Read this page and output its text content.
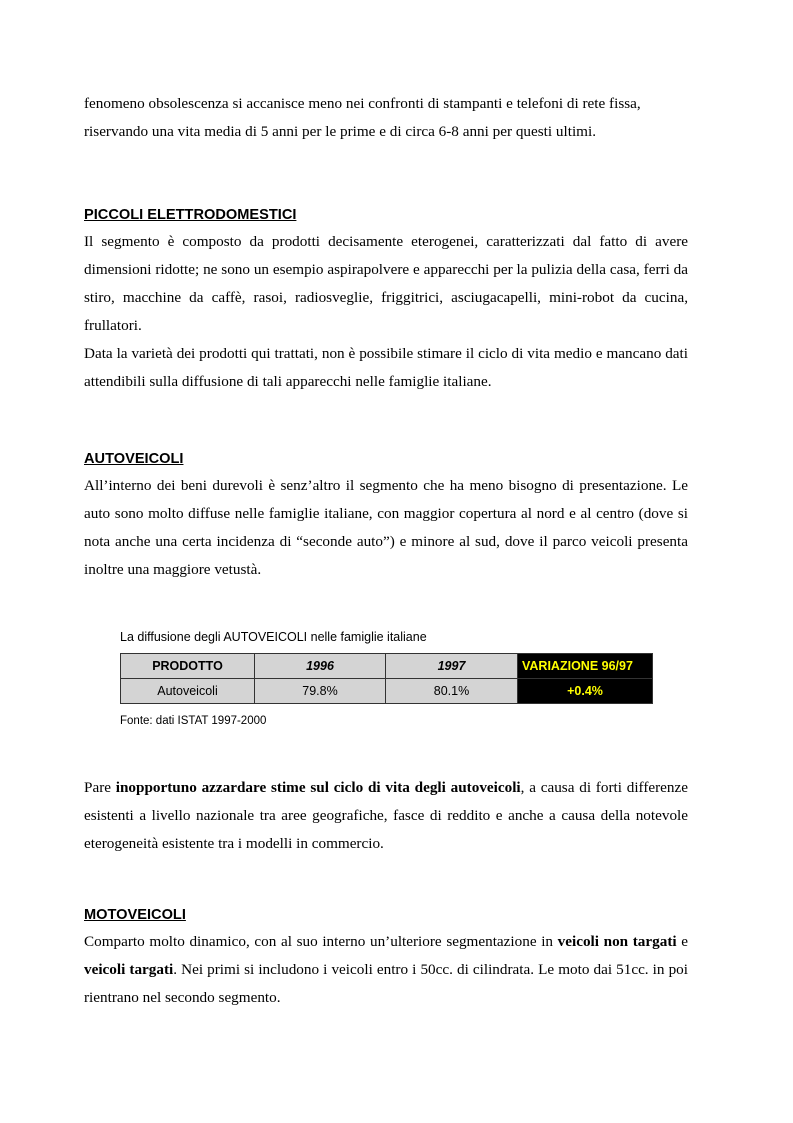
fenomeno obsolescenza si accanisce meno nei confronti di stampanti e telefoni di rete fissa,
riservando una vita media di 5 anni per le prime e di circa 6-8 anni per questi ultimi.

PICCOLI ELETTRODOMESTICI

Il segmento è composto da prodotti decisamente eterogenei, caratterizzati dal fatto di avere dimensioni ridotte; ne sono un esempio aspirapolvere e apparecchi per la pulizia della casa, ferri da stiro, macchine da caffè, rasoi, radiosveglie, friggitrici, asciugacapelli, mini-robot da cucina, frullatori.
Data la varietà dei prodotti qui trattati, non è possibile stimare il ciclo di vita medio e mancano dati attendibili sulla diffusione di tali apparecchi nelle famiglie italiane.

AUTOVEICOLI

All’interno dei beni durevoli è senz’altro il segmento che ha meno bisogno di presentazione. Le auto sono molto diffuse nelle famiglie italiane, con maggior copertura al nord e al centro (dove si nota anche una certa incidenza di “seconde auto”) e minore al sud, dove il parco veicoli presenta inoltre una maggiore vetustà.

La diffusione degli AUTOVEICOLI nelle famiglie italiane
PRODOTTO	1996	1997	VARIAZIONE 96/97
Autoveicoli	79.8%	80.1%	+0.4%
Fonte: dati ISTAT 1997-2000

Pare inopportuno azzardare stime sul ciclo di vita degli autoveicoli, a causa di forti differenze esistenti a livello nazionale tra aree geografiche, fasce di reddito e anche a causa della notevole eterogeneità esistente tra i modelli in commercio.

MOTOVEICOLI

Comparto molto dinamico, con al suo interno un’ulteriore segmentazione in veicoli non targati e veicoli targati. Nei primi si includono i veicoli entro i 50cc. di cilindrata. Le moto dai 51cc. in poi rientrano nel secondo segmento.
